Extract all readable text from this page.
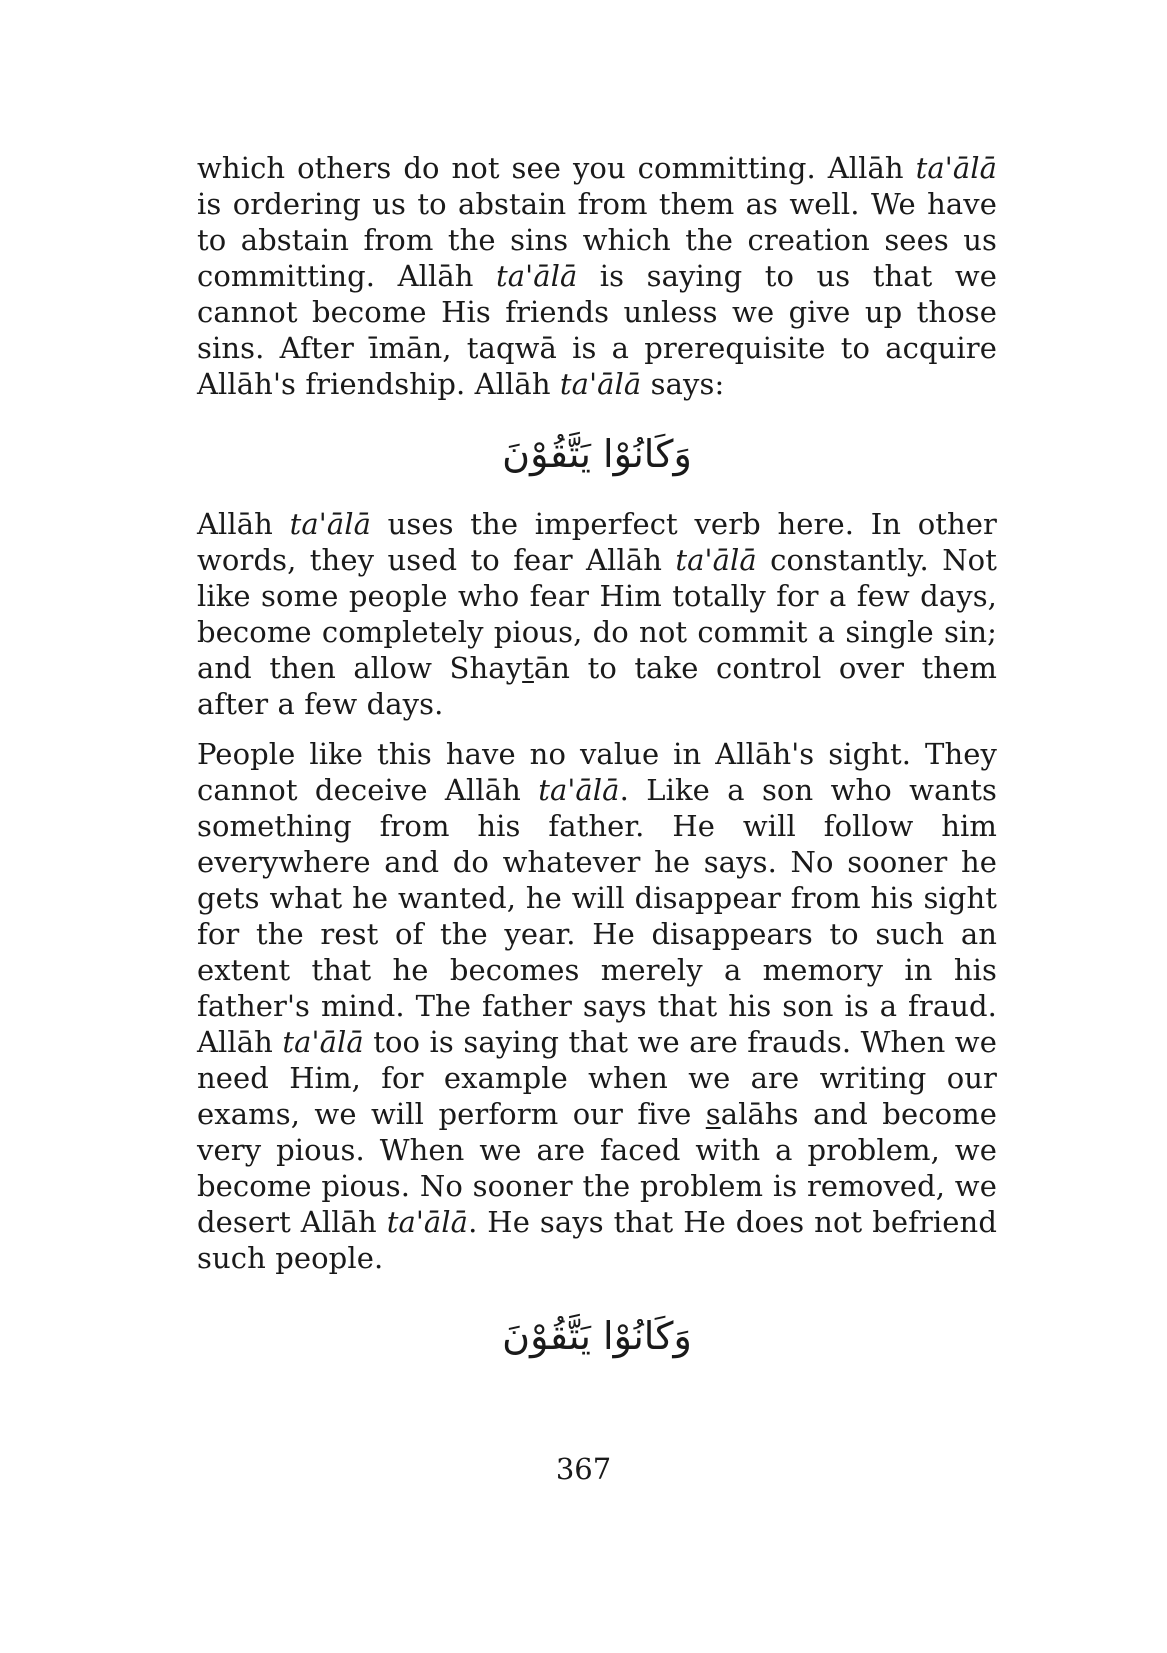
which others do not see you committing. Allāh ta'ālā is ordering us to abstain from them as well. We have to abstain from the sins which the creation sees us committing. Allāh ta'ālā is saying to us that we cannot become His friends unless we give up those sins. After īmān, taqwā is a prerequisite to acquire Allāh's friendship. Allāh ta'ālā says:

وَكَانُوْا يَتَّقُوْنَ

Allāh ta'ālā uses the imperfect verb here. In other words, they used to fear Allāh ta'ālā constantly. Not like some people who fear Him totally for a few days, become completely pious, do not commit a single sin; and then allow Shaytān to take control over them after a few days.

People like this have no value in Allāh's sight. They cannot deceive Allāh ta'ālā. Like a son who wants something from his father. He will follow him everywhere and do whatever he says. No sooner he gets what he wanted, he will disappear from his sight for the rest of the year. He disappears to such an extent that he becomes merely a memory in his father's mind. The father says that his son is a fraud. Allāh ta'ālā too is saying that we are frauds. When we need Him, for example when we are writing our exams, we will perform our five salāhs and become very pious. When we are faced with a problem, we become pious. No sooner the problem is removed, we desert Allāh ta'ālā. He says that He does not befriend such people.

وَكَانُوْا يَتَّقُوْنَ
367
